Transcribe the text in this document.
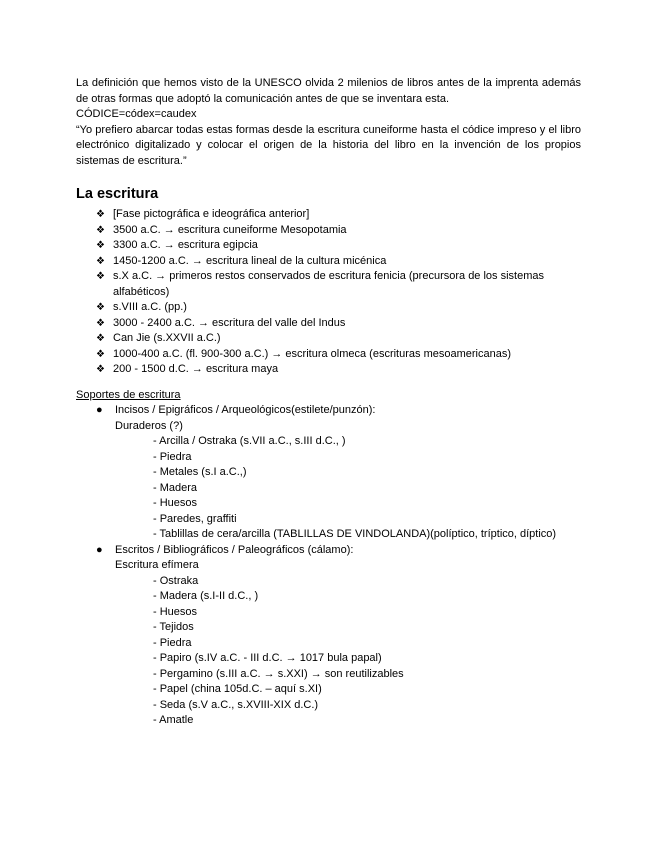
La definición que hemos visto de la UNESCO olvida 2 milenios de libros antes de la imprenta además de otras formas que adoptó la comunicación antes de que se inventara esta.

CÓDICE=códex=caudex

“Yo prefiero abarcar todas estas formas desde la escritura cuneiforme hasta el códice impreso y el libro electrónico digitalizado y colocar el origen de la historia del libro en la invención de los propios sistemas de escritura.”

La escritura
❖ [Fase pictográfica e ideográfica anterior]
❖ 3500 a.C. → escritura cuneiforme Mesopotamia
❖ 3300 a.C. → escritura egipcia
❖ 1450-1200 a.C. → escritura lineal de la cultura micénica
❖ s.X a.C. → primeros restos conservados de escritura fenicia (precursora de los sistemas alfabéticos)
❖ s.VIII a.C. (pp.)
❖ 3000 - 2400 a.C. → escritura del valle del Indus
❖ Can Jie (s.XXVII a.C.)
❖ 1000-400 a.C. (fl. 900-300 a.C.) → escritura olmeca (escrituras mesoamericanas)
❖ 200 - 1500 d.C. → escritura maya
Soportes de escritura
● Incisos / Epigráficos / Arqueológicos(estilete/punzón):
Duraderos (?)
- Arcilla / Ostraka (s.VII a.C., s.III d.C., )
- Piedra
- Metales (s.I a.C.,)
- Madera
- Huesos
- Paredes, graffiti
- Tablillas de cera/arcilla (TABLILLAS DE VINDOLANDA)(políptico, tríptico, díptico)
● Escritos / Bibliográficos / Paleográficos (cálamo):
Escritura efímera
- Ostraka
- Madera (s.I-II d.C., )
- Huesos
- Tejidos
- Piedra
- Papiro (s.IV a.C. - III d.C. → 1017 bula papal)
- Pergamino (s.III a.C. → s.XXI) → son reutilizables
- Papel (china 105d.C. – aquí s.XI)
- Seda (s.V a.C., s.XVIII-XIX d.C.)
- Amatle
